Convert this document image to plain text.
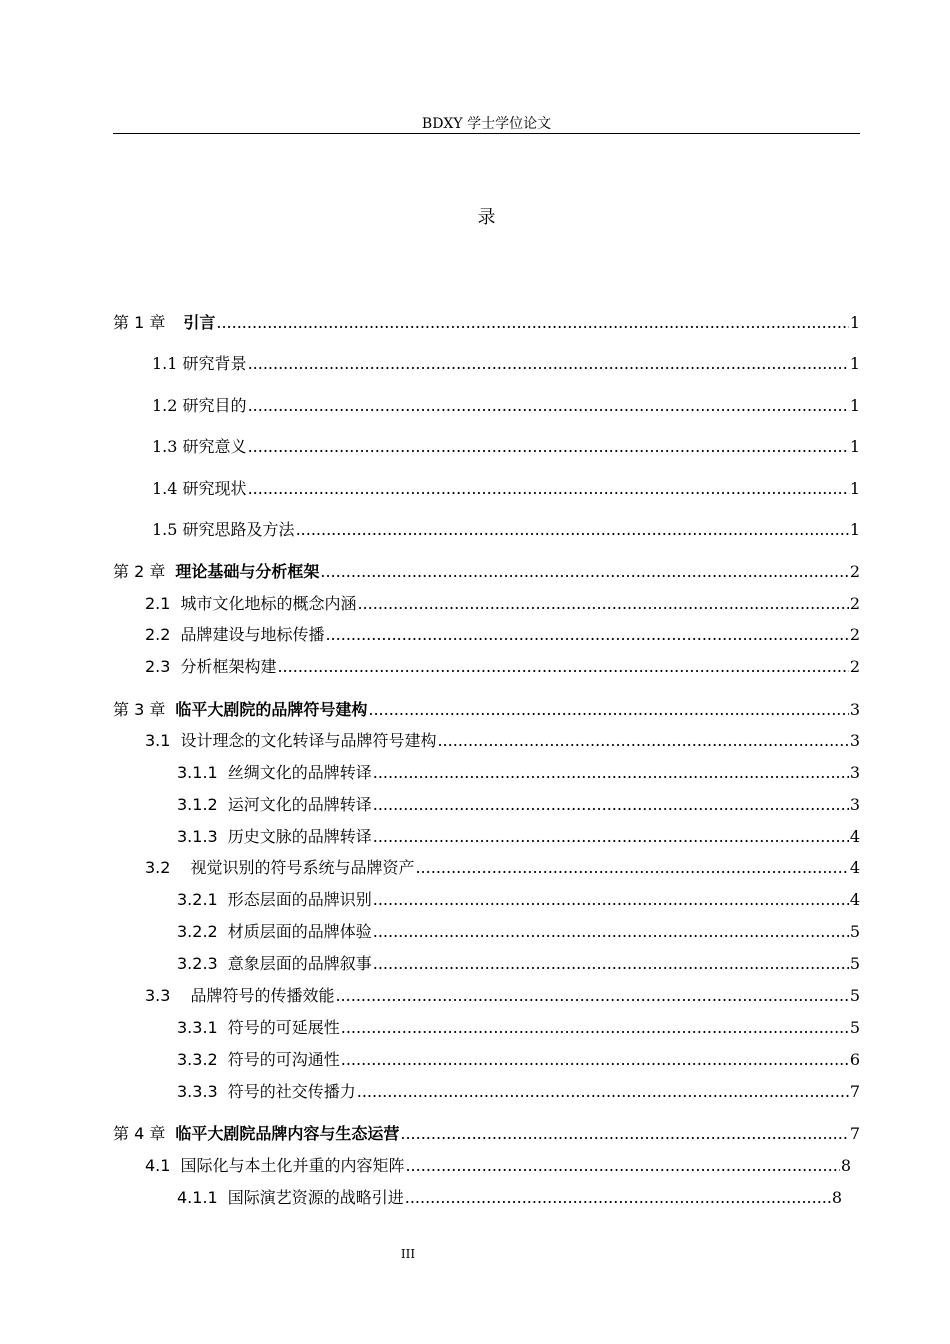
BDXY 学士学位论文
录
第 1 章 引言 .....	1
1.1 研究背景 .....	1
1.2 研究目的 .....	1
1.3 研究意义 .....	1
1.4 研究现状 .....	1
1.5 研究思路及方法 .....	1
第 2 章 理论基础与分析框架 .....	2
2.1 城市文化地标的概念内涵 .....	2
2.2 品牌建设与地标传播 .....	2
2.3 分析框架构建 .....	2
第 3 章 临平大剧院的品牌符号建构 .....	3
3.1 设计理念的文化转译与品牌符号建构 .....	3
3.1.1 丝绸文化的品牌转译 .....	3
3.1.2 运河文化的品牌转译 .....	3
3.1.3 历史文脉的品牌转译 .....	4
3.2 视觉识别的符号系统与品牌资产 .....	4
3.2.1 形态层面的品牌识别 .....	4
3.2.2 材质层面的品牌体验 .....	5
3.2.3 意象层面的品牌叙事 .....	5
3.3 品牌符号的传播效能 .....	5
3.3.1 符号的可延展性 .....	5
3.3.2 符号的可沟通性 .....	6
3.3.3 符号的社交传播力 .....	7
第 4 章 临平大剧院品牌内容与生态运营 .....	7
4.1 国际化与本土化并重的内容矩阵 .....	8
4.1.1 国际演艺资源的战略引进 .....	8
III
